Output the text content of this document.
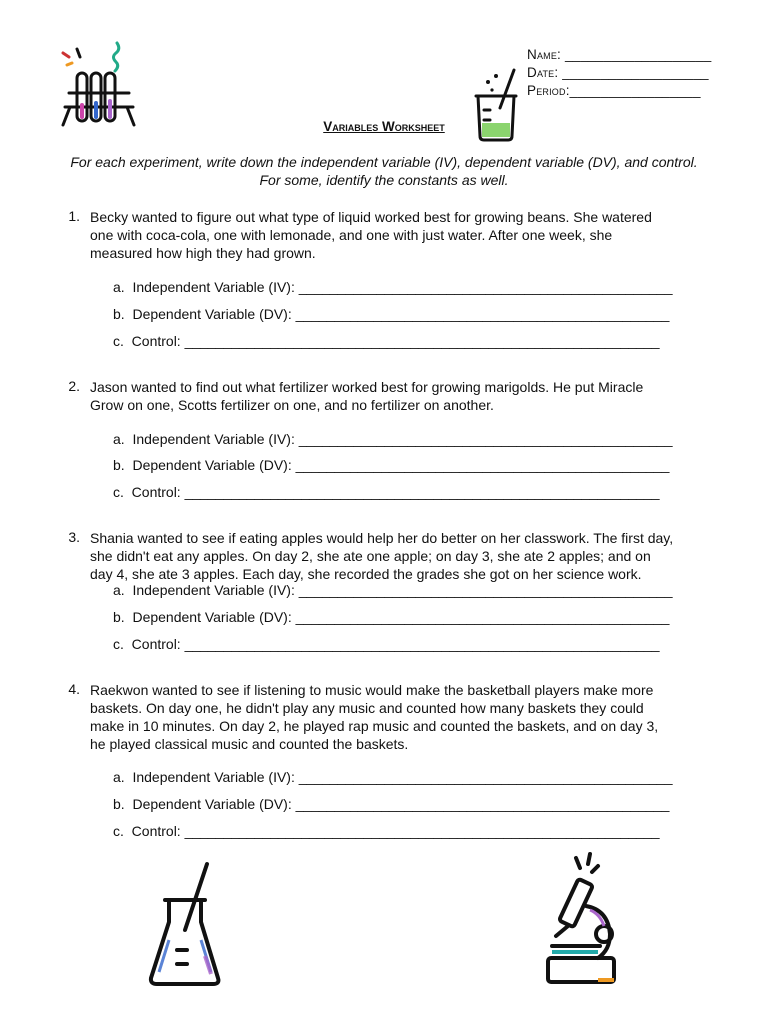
Name: ___________________
Date: ___________________
Period:_________________
Variables Worksheet
For each experiment, write down the independent variable (IV), dependent variable (DV), and control.
For some, identify the constants as well.
1. Becky wanted to figure out what type of liquid worked best for growing beans. She watered
one with coca-cola, one with lemonade, and one with just water. After one week, she
measured how high they had grown.
a.  Independent Variable (IV): ________________________________________________
b.  Dependent Variable (DV): ________________________________________________
c.  Control: _____________________________________________________________
2. Jason wanted to find out what fertilizer worked best for growing marigolds. He put Miracle
Grow on one, Scotts fertilizer on one, and no fertilizer on another.
a.  Independent Variable (IV): ________________________________________________
b.  Dependent Variable (DV): ________________________________________________
c.  Control: _____________________________________________________________
3. Shania wanted to see if eating apples would help her do better on her classwork. The first day,
she didn't eat any apples. On day 2, she ate one apple; on day 3, she ate 2 apples; and on
day 4, she ate 3 apples. Each day, she recorded the grades she got on her science work.
a.  Independent Variable (IV): ________________________________________________
b.  Dependent Variable (DV): ________________________________________________
c.  Control: _____________________________________________________________
4. Raekwon wanted to see if listening to music would make the basketball players make more
baskets. On day one, he didn't play any music and counted how many baskets they could
make in 10 minutes. On day 2, he played rap music and counted the baskets, and on day 3,
he played classical music and counted the baskets.
a.  Independent Variable (IV): ________________________________________________
b.  Dependent Variable (DV): ________________________________________________
c.  Control: _____________________________________________________________
